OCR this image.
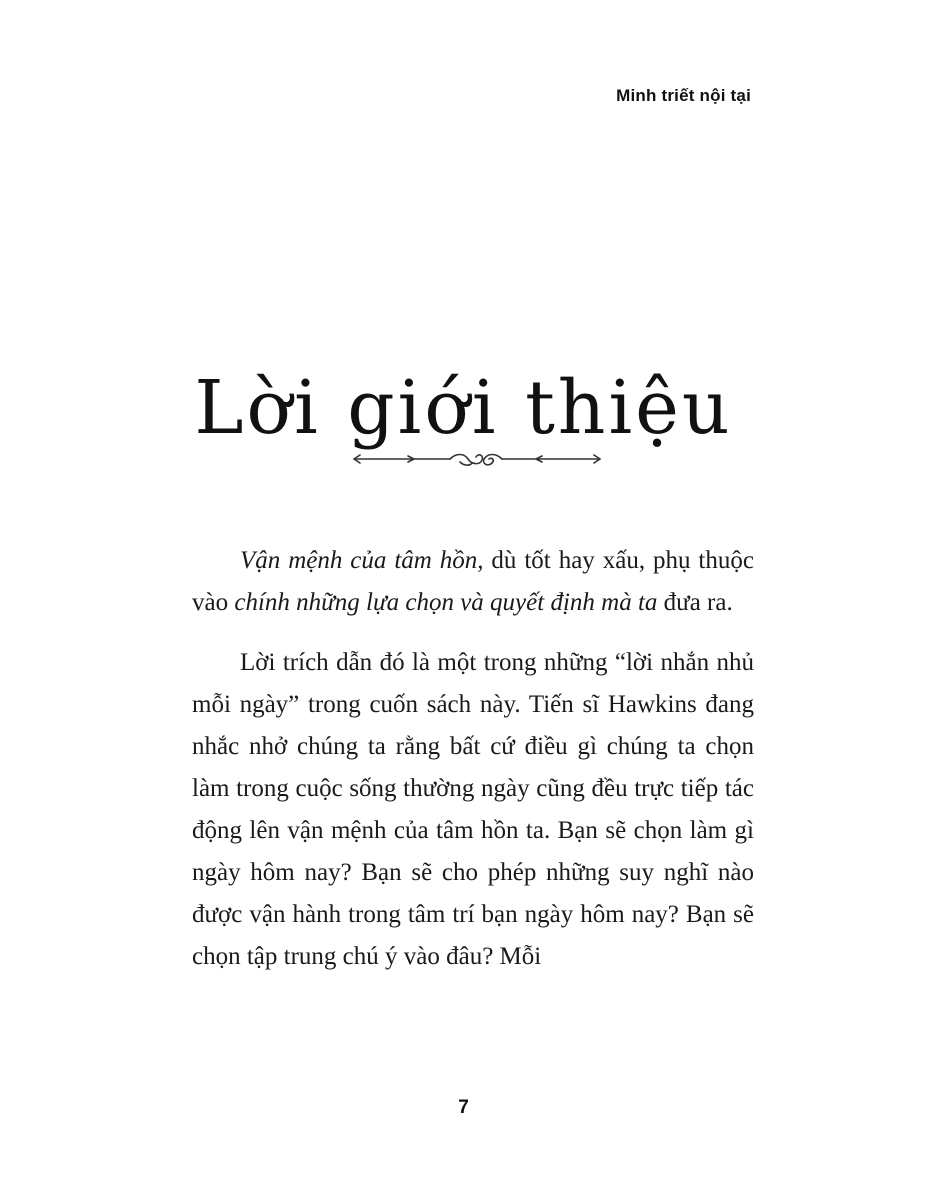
Minh triết nội tại
Lời giới thiệu

Vận mệnh của tâm hồn, dù tốt hay xấu, phụ thuộc vào chính những lựa chọn và quyết định mà ta đưa ra.

Lời trích dẫn đó là một trong những “lời nhắn nhủ mỗi ngày” trong cuốn sách này. Tiến sĩ Hawkins đang nhắc nhở chúng ta rằng bất cứ điều gì chúng ta chọn làm trong cuộc sống thường ngày cũng đều trực tiếp tác động lên vận mệnh của tâm hồn ta. Bạn sẽ chọn làm gì ngày hôm nay? Bạn sẽ cho phép những suy nghĩ nào được vận hành trong tâm trí bạn ngày hôm nay? Bạn sẽ chọn tập trung chú ý vào đâu? Mỗi

7
